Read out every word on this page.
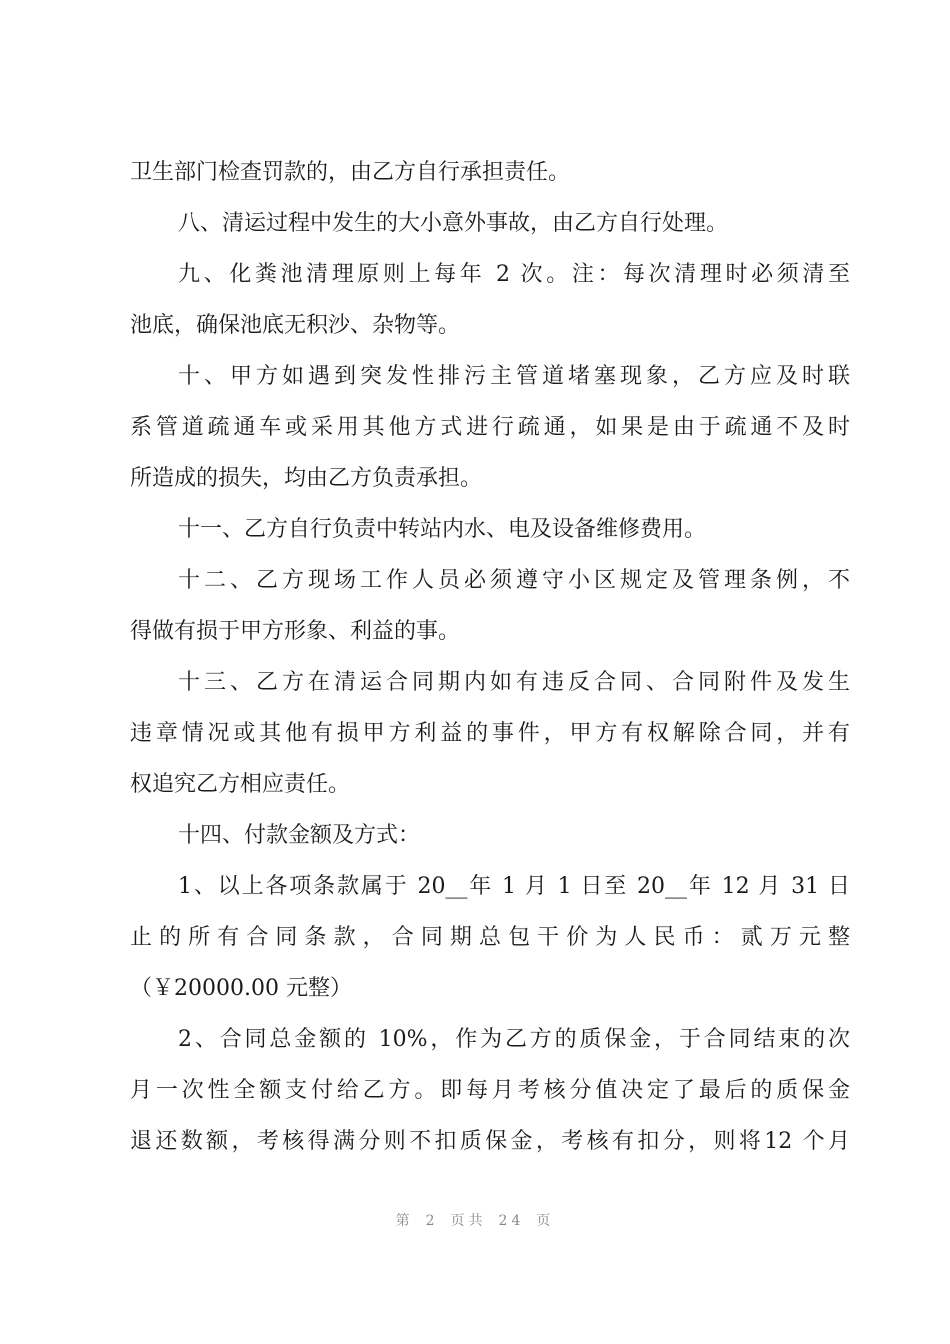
卫生部门检查罚款的，由乙方自行承担责任。
八、清运过程中发生的大小意外事故，由乙方自行处理。
九、化粪池清理原则上每年 2 次。注：每次清理时必须清至
池底，确保池底无积沙、杂物等。
十、甲方如遇到突发性排污主管道堵塞现象，乙方应及时联
系管道疏通车或采用其他方式进行疏通，如果是由于疏通不及时
所造成的损失，均由乙方负责承担。
十一、乙方自行负责中转站内水、电及设备维修费用。
十二、乙方现场工作人员必须遵守小区规定及管理条例，不
得做有损于甲方形象、利益的事。
十三、乙方在清运合同期内如有违反合同、合同附件及发生
违章情况或其他有损甲方利益的事件，甲方有权解除合同，并有
权追究乙方相应责任。
十四、付款金额及方式：
1、以上各项条款属于 20__年 1 月 1 日至 20__年 12 月 31 日
止的所有合同条款，合同期总包干价为人民币：贰万元整
（￥20000.00 元整）
2、合同总金额的 10%，作为乙方的质保金，于合同结束的次
月一次性全额支付给乙方。即每月考核分值决定了最后的质保金
退还数额，考核得满分则不扣质保金，考核有扣分，则将12 个月
第 2 页共 24 页
